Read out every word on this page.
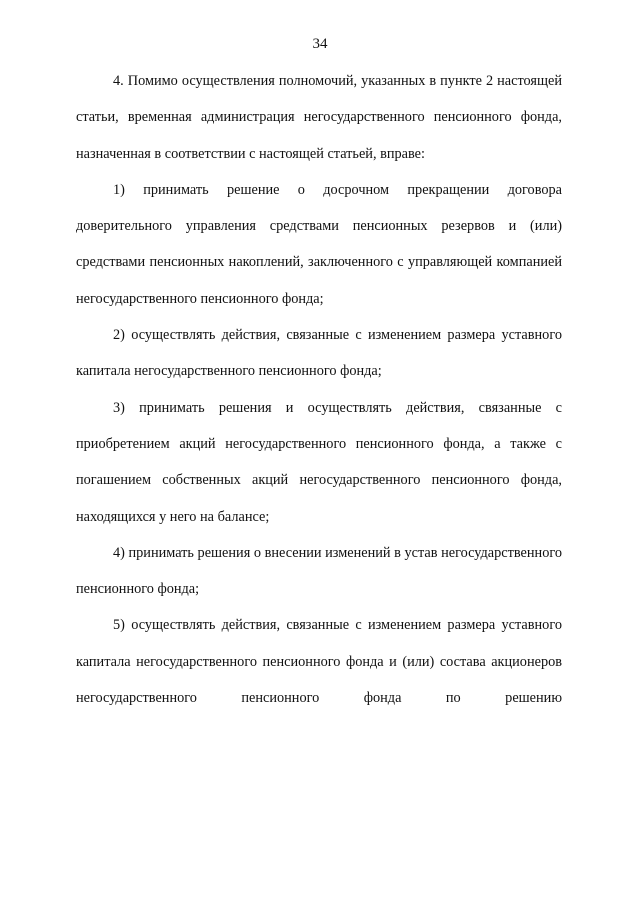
34

4. Помимо осуществления полномочий, указанных в пункте 2 настоящей статьи, временная администрация негосударственного пенсионного фонда, назначенная в соответствии с настоящей статьей, вправе:

1) принимать решение о досрочном прекращении договора доверительного управления средствами пенсионных резервов и (или) средствами пенсионных накоплений, заключенного с управляющей компанией негосударственного пенсионного фонда;

2) осуществлять действия, связанные с изменением размера уставного капитала негосударственного пенсионного фонда;

3) принимать решения и осуществлять действия, связанные с приобретением акций негосударственного пенсионного фонда, а также с погашением собственных акций негосударственного пенсионного фонда, находящихся у него на балансе;

4) принимать решения о внесении изменений в устав негосударственного пенсионного фонда;

5) осуществлять действия, связанные с изменением размера уставного капитала негосударственного пенсионного фонда и (или) состава акционеров негосударственного пенсионного фонда по решению
